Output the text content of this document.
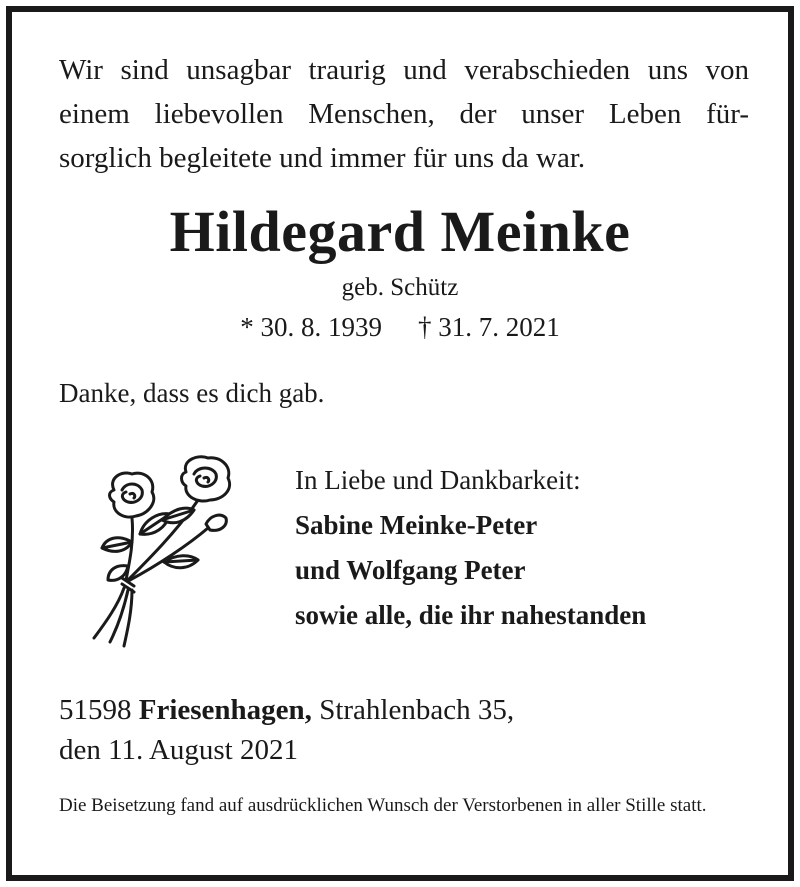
Wir sind unsagbar traurig und verabschieden uns von
einem liebevollen Menschen, der unser Leben für-
sorglich begleitete und immer für uns da war.
Hildegard Meinke
geb. Schütz
* 30. 8. 1939 † 31. 7. 2021
Danke, dass es dich gab.
In Liebe und Dankbarkeit:
Sabine Meinke-Peter
und Wolfgang Peter
sowie alle, die ihr nahestanden
51598 Friesenhagen, Strahlenbach 35,
den 11. August 2021
Die Beisetzung fand auf ausdrücklichen Wunsch der Verstorbenen in aller Stille statt.
